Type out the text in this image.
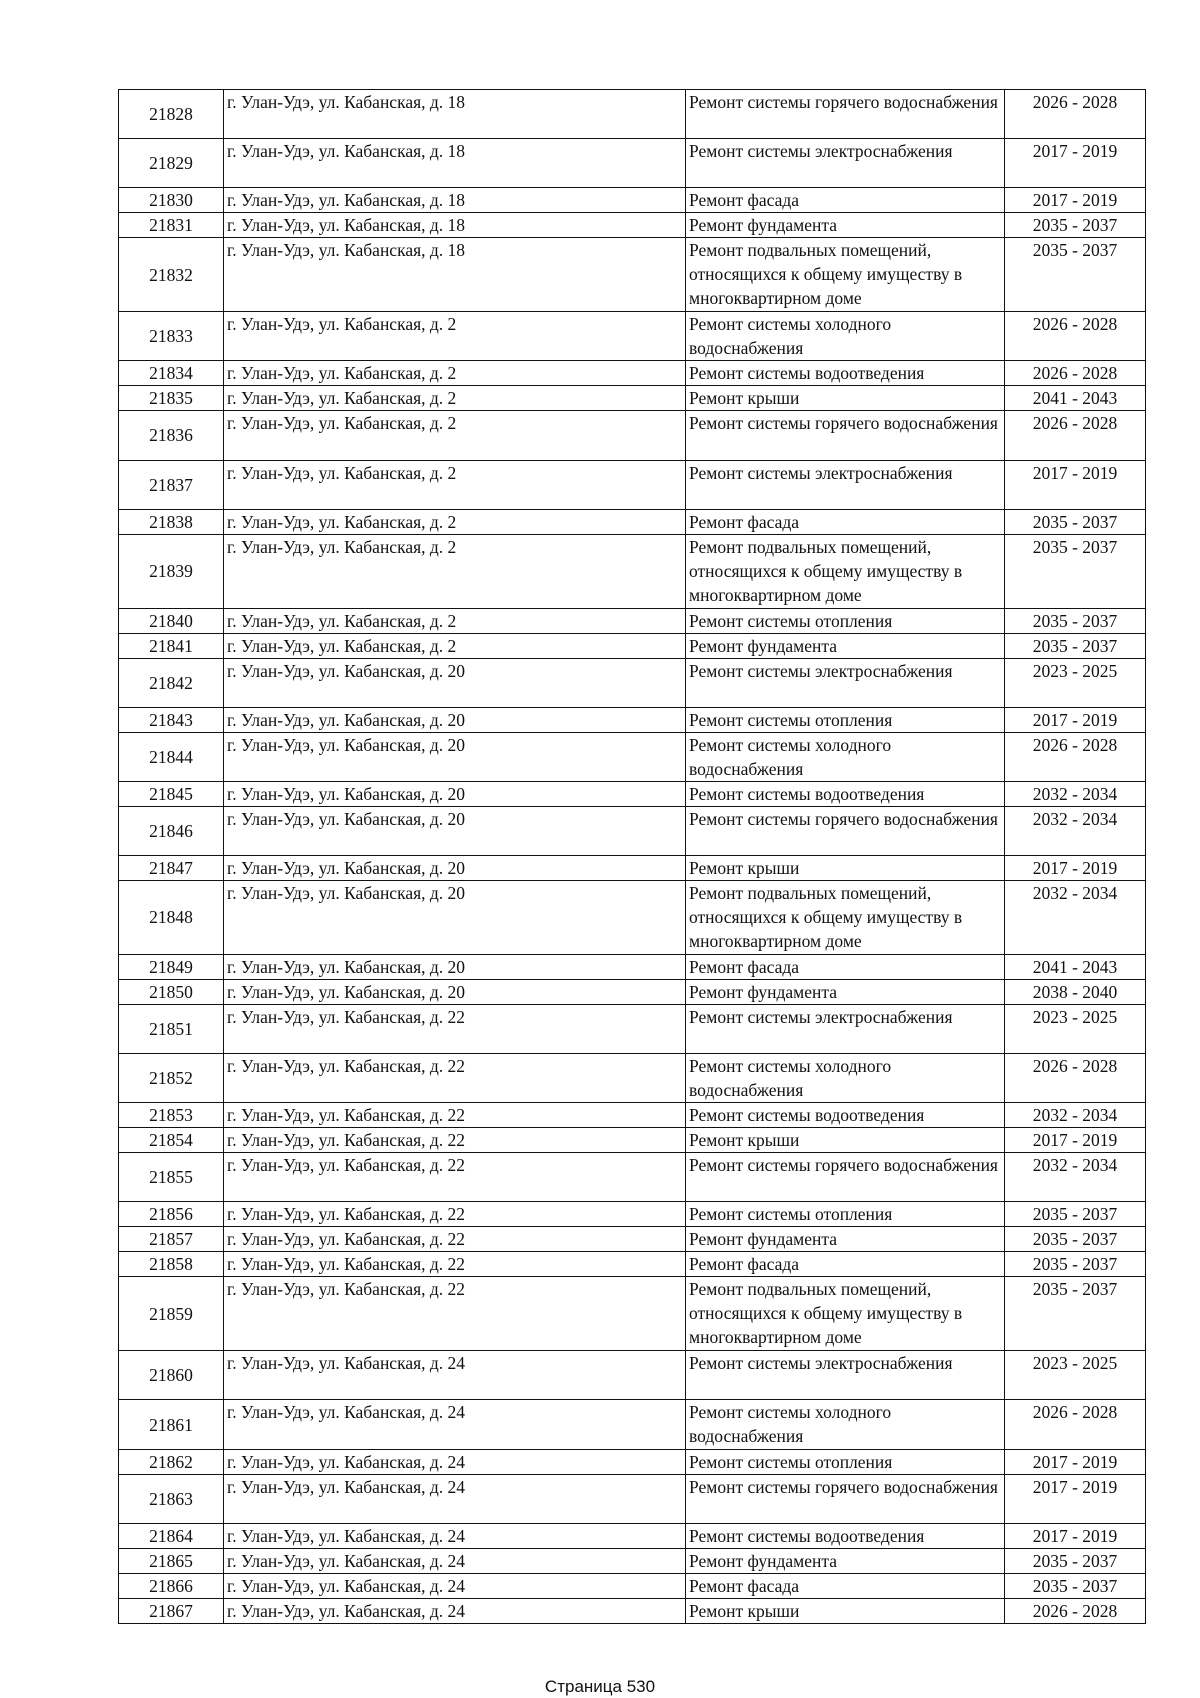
21828	г. Улан-Удэ, ул. Кабанская, д. 18	Ремонт системы горячего водоснабжения	2026 - 2028
21829	г. Улан-Удэ, ул. Кабанская, д. 18	Ремонт системы электроснабжения	2017 - 2019
21830	г. Улан-Удэ, ул. Кабанская, д. 18	Ремонт фасада	2017 - 2019
21831	г. Улан-Удэ, ул. Кабанская, д. 18	Ремонт фундамента	2035 - 2037
21832	г. Улан-Удэ, ул. Кабанская, д. 18	Ремонт подвальных помещений, относящихся к общему имуществу в многоквартирном доме	2035 - 2037
21833	г. Улан-Удэ, ул. Кабанская, д. 2	Ремонт системы холодного водоснабжения	2026 - 2028
21834	г. Улан-Удэ, ул. Кабанская, д. 2	Ремонт системы водоотведения	2026 - 2028
21835	г. Улан-Удэ, ул. Кабанская, д. 2	Ремонт крыши	2041 - 2043
21836	г. Улан-Удэ, ул. Кабанская, д. 2	Ремонт системы горячего водоснабжения	2026 - 2028
21837	г. Улан-Удэ, ул. Кабанская, д. 2	Ремонт системы электроснабжения	2017 - 2019
21838	г. Улан-Удэ, ул. Кабанская, д. 2	Ремонт фасада	2035 - 2037
21839	г. Улан-Удэ, ул. Кабанская, д. 2	Ремонт подвальных помещений, относящихся к общему имуществу в многоквартирном доме	2035 - 2037
21840	г. Улан-Удэ, ул. Кабанская, д. 2	Ремонт системы отопления	2035 - 2037
21841	г. Улан-Удэ, ул. Кабанская, д. 2	Ремонт фундамента	2035 - 2037
21842	г. Улан-Удэ, ул. Кабанская, д. 20	Ремонт системы электроснабжения	2023 - 2025
21843	г. Улан-Удэ, ул. Кабанская, д. 20	Ремонт системы отопления	2017 - 2019
21844	г. Улан-Удэ, ул. Кабанская, д. 20	Ремонт системы холодного водоснабжения	2026 - 2028
21845	г. Улан-Удэ, ул. Кабанская, д. 20	Ремонт системы водоотведения	2032 - 2034
21846	г. Улан-Удэ, ул. Кабанская, д. 20	Ремонт системы горячего водоснабжения	2032 - 2034
21847	г. Улан-Удэ, ул. Кабанская, д. 20	Ремонт крыши	2017 - 2019
21848	г. Улан-Удэ, ул. Кабанская, д. 20	Ремонт подвальных помещений, относящихся к общему имуществу в многоквартирном доме	2032 - 2034
21849	г. Улан-Удэ, ул. Кабанская, д. 20	Ремонт фасада	2041 - 2043
21850	г. Улан-Удэ, ул. Кабанская, д. 20	Ремонт фундамента	2038 - 2040
21851	г. Улан-Удэ, ул. Кабанская, д. 22	Ремонт системы электроснабжения	2023 - 2025
21852	г. Улан-Удэ, ул. Кабанская, д. 22	Ремонт системы холодного водоснабжения	2026 - 2028
21853	г. Улан-Удэ, ул. Кабанская, д. 22	Ремонт системы водоотведения	2032 - 2034
21854	г. Улан-Удэ, ул. Кабанская, д. 22	Ремонт крыши	2017 - 2019
21855	г. Улан-Удэ, ул. Кабанская, д. 22	Ремонт системы горячего водоснабжения	2032 - 2034
21856	г. Улан-Удэ, ул. Кабанская, д. 22	Ремонт системы отопления	2035 - 2037
21857	г. Улан-Удэ, ул. Кабанская, д. 22	Ремонт фундамента	2035 - 2037
21858	г. Улан-Удэ, ул. Кабанская, д. 22	Ремонт фасада	2035 - 2037
21859	г. Улан-Удэ, ул. Кабанская, д. 22	Ремонт подвальных помещений, относящихся к общему имуществу в многоквартирном доме	2035 - 2037
21860	г. Улан-Удэ, ул. Кабанская, д. 24	Ремонт системы электроснабжения	2023 - 2025
21861	г. Улан-Удэ, ул. Кабанская, д. 24	Ремонт системы холодного водоснабжения	2026 - 2028
21862	г. Улан-Удэ, ул. Кабанская, д. 24	Ремонт системы отопления	2017 - 2019
21863	г. Улан-Удэ, ул. Кабанская, д. 24	Ремонт системы горячего водоснабжения	2017 - 2019
21864	г. Улан-Удэ, ул. Кабанская, д. 24	Ремонт системы водоотведения	2017 - 2019
21865	г. Улан-Удэ, ул. Кабанская, д. 24	Ремонт фундамента	2035 - 2037
21866	г. Улан-Удэ, ул. Кабанская, д. 24	Ремонт фасада	2035 - 2037
21867	г. Улан-Удэ, ул. Кабанская, д. 24	Ремонт крыши	2026 - 2028
Страница 530
